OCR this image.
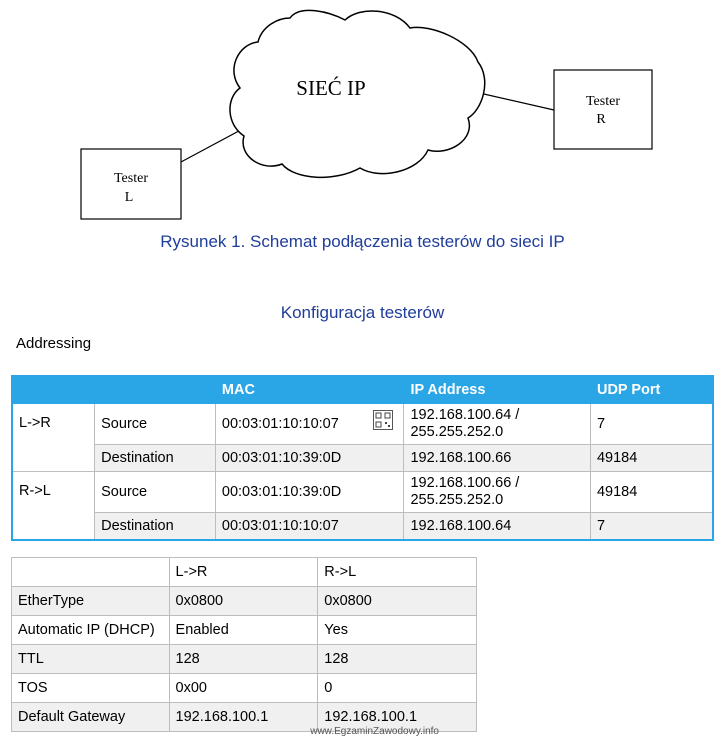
SIEĆ IP
Tester
L
Tester
R
Rysunek 1. Schemat podłączenia testerów do sieci IP
Konfiguracja testerów
Addressing
		MAC	IP Address	UDP Port
L->R	Source	00:03:01:10:10:07	192.168.100.64 /
255.255.252.0	7
	Destination	00:03:01:10:39:0D	192.168.100.66	49184
R->L	Source	00:03:01:10:39:0D	192.168.100.66 /
255.255.252.0	49184
	Destination	00:03:01:10:10:07	192.168.100.64	7
	L->R	R->L
EtherType	0x0800	0x0800
Automatic IP (DHCP)	Enabled	Yes
TTL	128	128
TOS	0x00	0
Default Gateway	192.168.100.1	192.168.100.1
www.EgzaminZawodowy.info
